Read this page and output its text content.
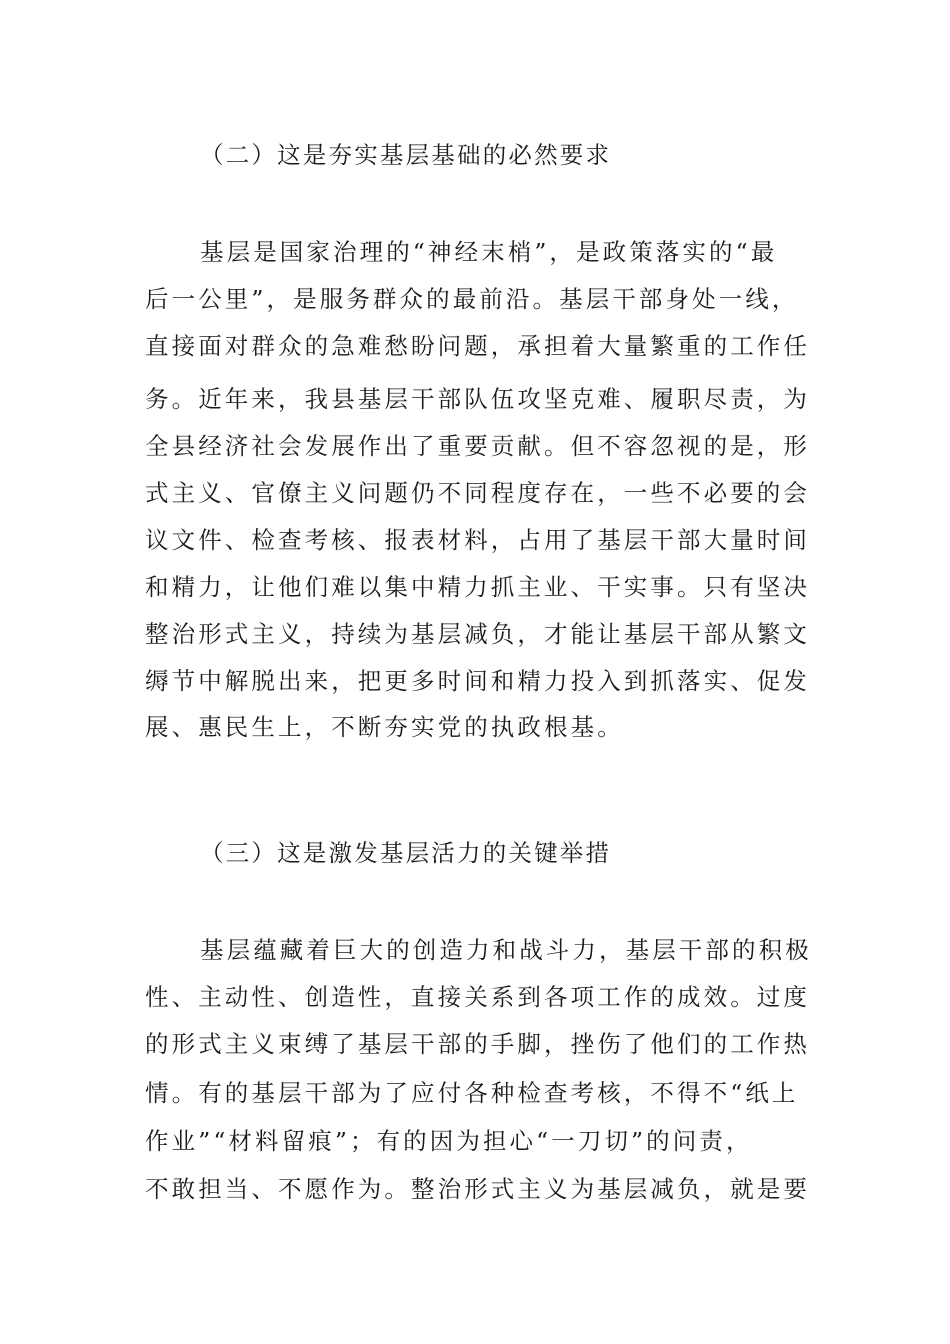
（二）这是夯实基层基础的必然要求
基层是国家治理的“神经末梢”，是政策落实的“最
后一公里”，是服务群众的最前沿。基层干部身处一线，
直接面对群众的急难愁盼问题，承担着大量繁重的工作任
务。近年来，我县基层干部队伍攻坚克难、履职尽责，为
全县经济社会发展作出了重要贡献。但不容忽视的是，形
式主义、官僚主义问题仍不同程度存在，一些不必要的会
议文件、检查考核、报表材料，占用了基层干部大量时间
和精力，让他们难以集中精力抓主业、干实事。只有坚决
整治形式主义，持续为基层减负，才能让基层干部从繁文
缛节中解脱出来，把更多时间和精力投入到抓落实、促发
展、惠民生上，不断夯实党的执政根基。
（三）这是激发基层活力的关键举措
基层蕴藏着巨大的创造力和战斗力，基层干部的积极
性、主动性、创造性，直接关系到各项工作的成效。过度
的形式主义束缚了基层干部的手脚，挫伤了他们的工作热
情。有的基层干部为了应付各种检查考核，不得不“纸上
作业”“材料留痕”；有的因为担心“一刀切”的问责，
不敢担当、不愿作为。整治形式主义为基层减负，就是要
